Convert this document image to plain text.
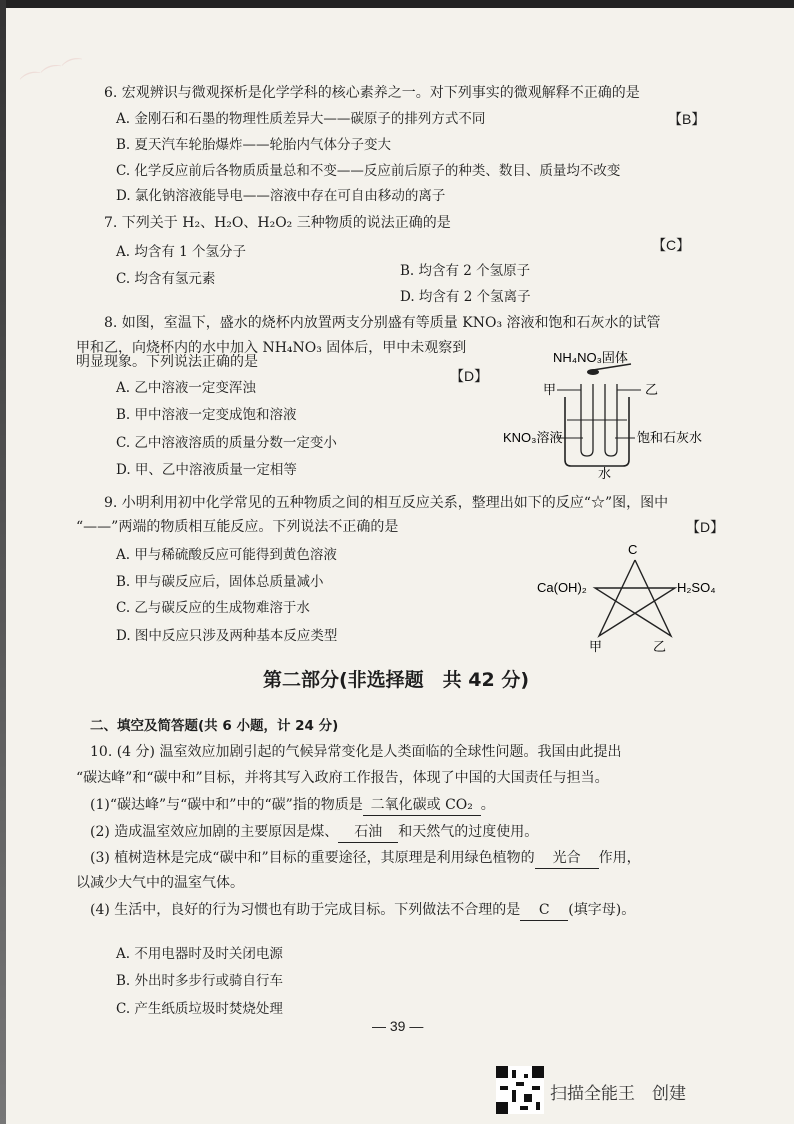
⌒⌒⌒ 6. 宏观辨识与微观探析是化学学科的核心素养之一。对下列事实的微观解释不正确的是
【B】
A. 金刚石和石墨的物理性质差异大——碳原子的排列方式不同
B. 夏天汽车轮胎爆炸——轮胎内气体分子变大
C. 化学反应前后各物质质量总和不变——反应前后原子的种类、数目、质量均不改变
D. 氯化钠溶液能导电——溶液中存在可自由移动的离子
7. 下列关于 H₂、H₂O、H₂O₂ 三种物质的说法正确的是
【C】
A. 均含有 1 个氢分子
B. 均含有 2 个氢原子
C. 均含有氢元素
D. 均含有 2 个氢离子
8. 如图，室温下，盛水的烧杯内放置两支分别盛有等质量 KNO₃ 溶液和饱和石灰水的试管
甲和乙，向烧杯内的水中加入 NH₄NO₃ 固体后，甲中未观察到
明显现象。下列说法正确的是
【D】
A. 乙中溶液一定变浑浊
B. 甲中溶液一定变成饱和溶液
C. 乙中溶液溶质的质量分数一定变小
D. 甲、乙中溶液质量一定相等
NH₄NO₃固体
甲	乙
KNO₃溶液	饱和石灰水
水
9. 小明利用初中化学常见的五种物质之间的相互反应关系，整理出如下的反应“☆”图，图中
“——”两端的物质相互能反应。下列说法不正确的是	【D】
A. 甲与稀硫酸反应可能得到黄色溶液
B. 甲与碳反应后，固体总质量减小
C. 乙与碳反应的生成物难溶于水
D. 图中反应只涉及两种基本反应类型
C
Ca(OH)₂	H₂SO₄
甲	乙
第二部分(非选择题　共 42 分)
二、填空及简答题(共 6 小题，计 24 分)
10. (4 分) 温室效应加剧引起的气候异常变化是人类面临的全球性问题。我国由此提出
“碳达峰”和“碳中和”目标，并将其写入政府工作报告，体现了中国的大国责任与担当。
(1)“碳达峰”与“碳中和”中的“碳”指的物质是 二氧化碳或 CO₂ 。
(2) 造成温室效应加剧的主要原因是煤、 石油 和天然气的过度使用。
(3) 植树造林是完成“碳中和”目标的重要途径，其原理是利用绿色植物的 光合 作用，
以减少大气中的温室气体。
(4) 生活中，良好的行为习惯也有助于完成目标。下列做法不合理的是 C (填字母)。
A. 不用电器时及时关闭电源
B. 外出时多步行或骑自行车
C. 产生纸质垃圾时焚烧处理
— 39 —
扫描全能王　创建
